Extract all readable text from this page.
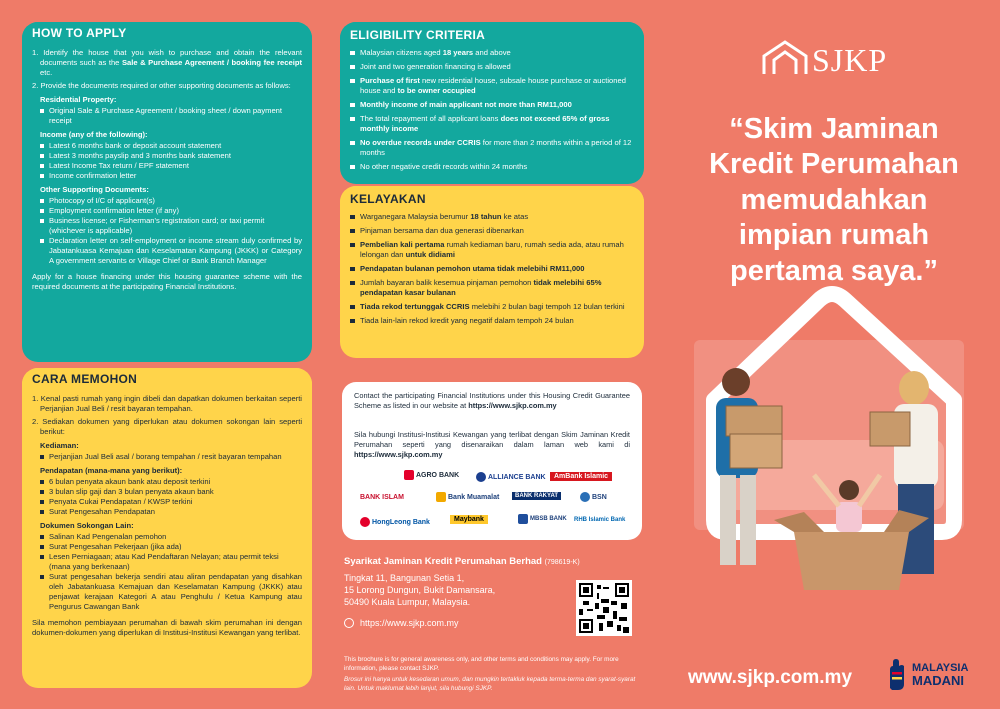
HOW TO APPLY

1. Identify the house that you wish to purchase and obtain the relevant documents such as the Sale & Purchase Agreement / booking fee receipt etc.

2. Provide the documents required or other supporting documents as follows:

Residential Property:
Original Sale & Purchase Agreement / booking sheet / down payment receipt
Income (any of the following):
Latest 6 months bank or deposit account statement
Latest 3 months payslip and 3 months bank statement
Latest Income Tax return / EPF statement
Income confirmation letter
Other Supporting Documents:
Photocopy of I/C of applicant(s)
Employment confirmation letter (if any)
Business license; or Fisherman's registration card; or taxi permit (whichever is applicable)
Declaration letter on self-employment or income stream duly confirmed by Jabatankuasa Kemajuan dan Keselamatan Kampung (JKKK) or Category A government servants or Village Chief or Bank Branch Manager

Apply for a house financing under this housing guarantee scheme with the required documents at the participating Financial Institutions.

CARA MEMOHON

1. Kenal pasti rumah yang ingin dibeli dan dapatkan dokumen berkaitan seperti Perjanjian Jual Beli / resit bayaran tempahan.

2. Sediakan dokumen yang diperlukan atau dokumen sokongan lain seperti berikut:

Kediaman:
Perjanjian Jual Beli asal / borang tempahan / resit bayaran tempahan
Pendapatan (mana-mana yang berikut):
6 bulan penyata akaun bank atau deposit terkini
3 bulan slip gaji dan 3 bulan penyata akaun bank
Penyata Cukai Pendapatan / KWSP terkini
Surat Pengesahan Pendapatan
Dokumen Sokongan Lain:
Salinan Kad Pengenalan pemohon
Surat Pengesahan Pekerjaan (jika ada)
Lesen Perniagaan; atau Kad Pendaftaran Nelayan; atau permit teksi (mana yang berkenaan)
Surat pengesahan bekerja sendiri atau aliran pendapatan yang disahkan oleh Jabatankuasa Kemajuan dan Keselamatan Kampung (JKKK) atau penjawat kerajaan Kategori A atau Penghulu / Ketua Kampung atau Pengurus Cawangan Bank

Sila memohon pembiayaan perumahan di bawah skim perumahan ini dengan dokumen-dokumen yang diperlukan di Institusi-Institusi Kewangan yang terlibat.

ELIGIBILITY CRITERIA
Malaysian citizens aged 18 years and above
Joint and two generation financing is allowed
Purchase of first new residential house, subsale house purchase or auctioned house and to be owner occupied
Monthly income of main applicant not more than RM11,000
The total repayment of all applicant loans does not exceed 65% of gross monthly income
No overdue records under CCRIS for more than 2 months within a period of 12 months
No other negative credit records within 24 months
KELAYAKAN
Warganegara Malaysia berumur 18 tahun ke atas
Pinjaman bersama dan dua generasi dibenarkan
Pembelian kali pertama rumah kediaman baru, rumah sedia ada, atau rumah lelongan dan untuk didiami
Pendapatan bulanan pemohon utama tidak melebihi RM11,000
Jumlah bayaran balik kesemua pinjaman pemohon tidak melebihi 65% pendapatan kasar bulanan
Tiada rekod tertunggak CCRIS melebihi 2 bulan bagi tempoh 12 bulan terkini
Tiada lain-lain rekod kredit yang negatif dalam tempoh 24 bulan
Contact the participating Financial Institutions under this Housing Credit Guarantee Scheme as listed in our website at https://www.sjkp.com.my
Sila hubungi Institusi-Institusi Kewangan yang terlibat dengan Skim Jaminan Kredit Perumahan seperti yang disenaraikan dalam laman web kami di https://www.sjkp.com.my
AGRO BANK	ALLIANCE BANK AmBank Islamic
BANK ISLAM	Bank Muamalat	BANK RAKYAT	BSN
HongLeong Bank	Maybank	MBSB BANK RHB Islamic Bank
Syarikat Jaminan Kredit Perumahan Berhad (798619-K)
Tingkat 11, Bangunan Setia 1,
15 Lorong Dungun, Bukit Damansara,
50490 Kuala Lumpur, Malaysia.
https://www.sjkp.com.my
This brochure is for general awareness only, and other terms and conditions may apply. For more information, please contact SJKP.
Brosur ini hanya untuk kesedaran umum, dan mungkin tertakluk kepada terma-terma dan syarat-syarat lain. Untuk maklumat lebih lanjut, sila hubungi SJKP.
SJKP
“Skim Jaminan
Kredit Perumahan
memudahkan
impian rumah
pertama saya.”
www.sjkp.com.my	MALAYSIA
MADANI
